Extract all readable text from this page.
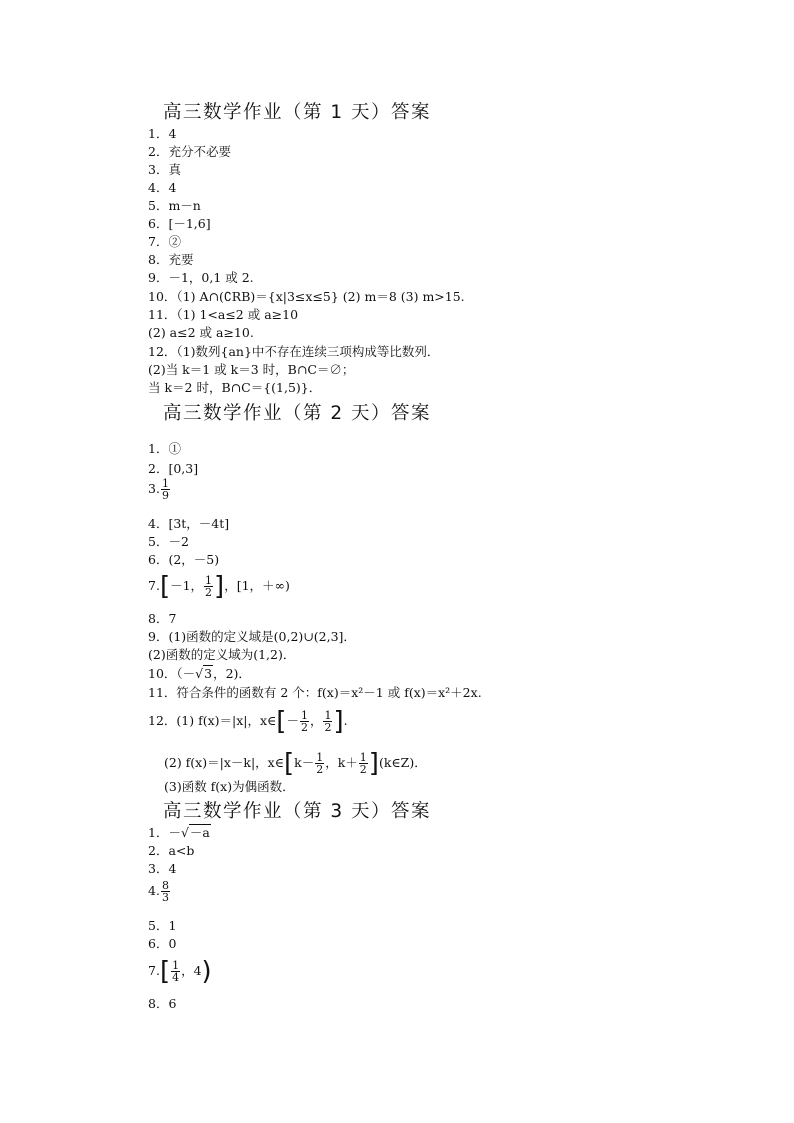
高三数学作业（第 1 天）答案
1．4
2．充分不必要
3．真
4．4
5．m－n
6．[－1,6]
7．②
8．充要
9．－1，0,1 或 2.
10．（1) A∩(∁RB)＝{x|3≤x≤5} (2) m＝8 (3) m>15.
11．（1) 1<a≤2 或 a≥10
(2) a≤2 或 a≥10.
12．（1)数列{an}中不存在连续三项构成等比数列．
(2)当 k＝1 或 k＝3 时，B∩C＝∅；
当 k＝2 时，B∩C＝{(1,5)}．
高三数学作业（第 2 天）答案
1．①
2．[0,3]
3. $\frac{1}{9}$
4．[3t，－4t]
5．－2
6．(2，－5)
7.[－1， $\frac{1}{2}$ ]，[1，＋∞)
8．7
9．(1)函数的定义域是(0,2)∪(2,3]．
(2)函数的定义域为(1,2)．
10．（－√3，2)．
11．符合条件的函数有 2 个：f(x)＝x²－1 或 f(x)＝x²＋2x.
12．(1) f(x)＝|x|，x∈[－ $\frac{1}{2}$ ， $\frac{1}{2}$ ].
(2) f(x)＝|x－k|，x∈[k－ $\frac{1}{2}$ ，$k+ \frac{1}{2}$ ](k∈Z)．
(3)函数 f(x)为偶函数．
高三数学作业（第 3 天）答案
1．－√－a
2．a<b
3．4
4. $\frac{8}{3}$
5．1
6．0
$7.[ \frac{1}{4}$ ，4)
8．6
